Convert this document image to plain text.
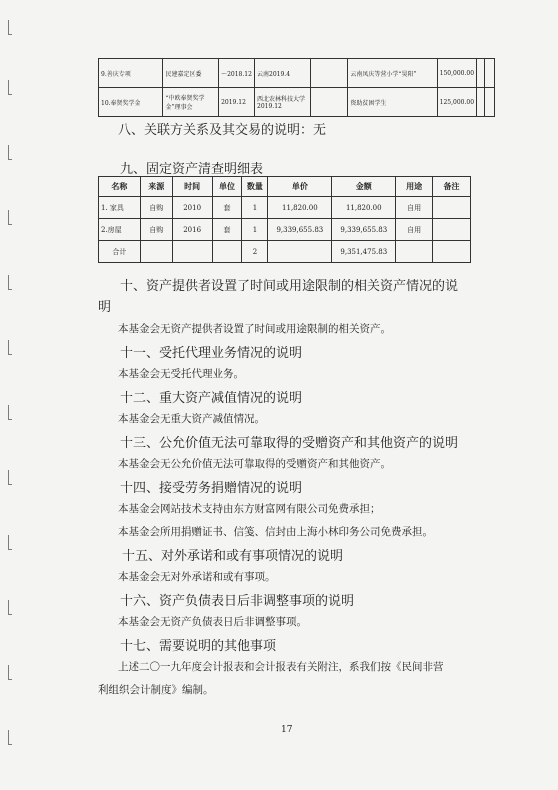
9.善庆专项	民建嘉定区委	～2018.12	云南2019.4		云南凤庆等营小学“昊阳”	150,000.00		
10.奉贤奖学金	“中欧奉贤奖学金”理事会	2019.12	西北农林科技大学2019.12		资助贫困学生	125,000.00		
八、关联方关系及其交易的说明：无
九、固定资产清查明细表
名称	来源	时间	单位	数量	单价	金额	用途	备注
1. 家具	自购	2010	套	1	11,820.00	11,820.00	自用	
2.房屋	自购	2016	套	1	9,339,655.83	9,339,655.83	自用	
合计				2		9,351,475.83		
十、资产提供者设置了时间或用途限制的相关资产情况的说
明
本基金会无资产提供者设置了时间或用途限制的相关资产。
十一、受托代理业务情况的说明
本基金会无受托代理业务。
十二、重大资产减值情况的说明
本基金会无重大资产减值情况。
十三、公允价值无法可靠取得的受赠资产和其他资产的说明
本基金会无公允价值无法可靠取得的受赠资产和其他资产。
十四、接受劳务捐赠情况的说明
本基金会网站技术支持由东方财富网有限公司免费承担；
本基金会所用捐赠证书、信笺、信封由上海小林印务公司免费承担。
十五、对外承诺和或有事项情况的说明
本基金会无对外承诺和或有事项。
十六、资产负债表日后非调整事项的说明
本基金会无资产负债表日后非调整事项。
十七、需要说明的其他事项
上述二〇一九年度会计报表和会计报表有关附注，系我们按《民间非营
利组织会计制度》编制。
17
